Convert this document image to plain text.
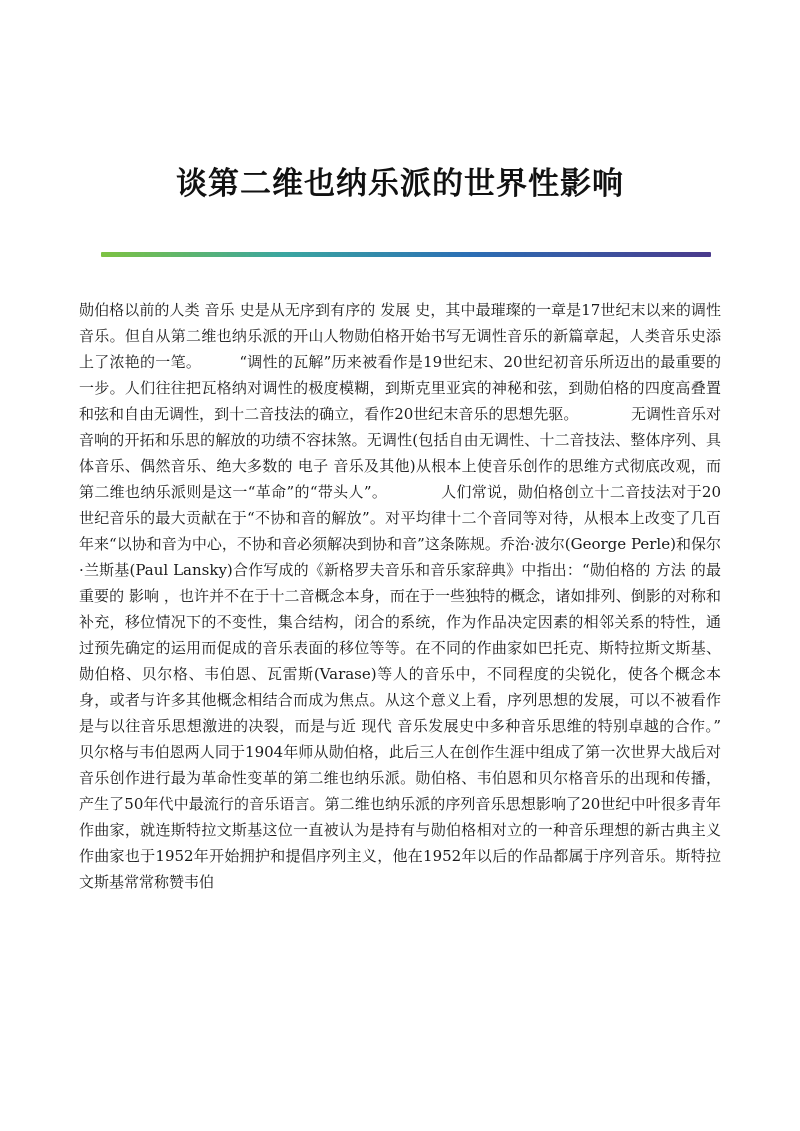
谈第二维也纳乐派的世界性影响

勋伯格以前的人类 音乐 史是从无序到有序的 发展 史，其中最璀璨的一章是17世纪末以来的调性音乐。但自从第二维也纳乐派的开山人物勋伯格开始书写无调性音乐的新篇章起，人类音乐史添上了浓艳的一笔。　　　“调性的瓦解”历来被看作是19世纪末、20世纪初音乐所迈出的最重要的一步。人们往往把瓦格纳对调性的极度模糊，到斯克里亚宾的神秘和弦，到勋伯格的四度高叠置和弦和自由无调性，到十二音技法的确立，看作20世纪末音乐的思想先驱。　　　　无调性音乐对音响的开拓和乐思的解放的功绩不容抹煞。无调性(包括自由无调性、十二音技法、整体序列、具体音乐、偶然音乐、绝大多数的 电子 音乐及其他)从根本上使音乐创作的思维方式彻底改观，而第二维也纳乐派则是这一“革命”的“带头人”。　　　　人们常说，勋伯格创立十二音技法对于20世纪音乐的最大贡献在于“不协和音的解放”。对平均律十二个音同等对待，从根本上改变了几百年来“以协和音为中心，不协和音必须解决到协和音”这条陈规。乔治·波尔(George Perle)和保尔·兰斯基(Paul Lansky)合作写成的《新格罗夫音乐和音乐家辞典》中指出：“勋伯格的 方法 的最重要的 影响 ，也许并不在于十二音概念本身，而在于一些独特的概念，诸如排列、倒影的对称和补充，移位情况下的不变性，集合结构，闭合的系统，作为作品决定因素的相邻关系的特性，通过预先确定的运用而促成的音乐表面的移位等等。在不同的作曲家如巴托克、斯特拉斯文斯基、勋伯格、贝尔格、韦伯恩、瓦雷斯(Varase)等人的音乐中，不同程度的尖锐化，使各个概念本身，或者与许多其他概念相结合而成为焦点。从这个意义上看，序列思想的发展，可以不被看作是与以往音乐思想激进的决裂，而是与近 现代 音乐发展史中多种音乐思维的特别卓越的合作。”　　　　贝尔格与韦伯恩两人同于1904年师从勋伯格，此后三人在创作生涯中组成了第一次世界大战后对音乐创作进行最为革命性变革的第二维也纳乐派。勋伯格、韦伯恩和贝尔格音乐的出现和传播，产生了50年代中最流行的音乐语言。第二维也纳乐派的序列音乐思想影响了20世纪中叶很多青年作曲家，就连斯特拉文斯基这位一直被认为是持有与勋伯格相对立的一种音乐理想的新古典主义作曲家也于1952年开始拥护和提倡序列主义，他在1952年以后的作品都属于序列音乐。斯特拉文斯基常常称赞韦伯
